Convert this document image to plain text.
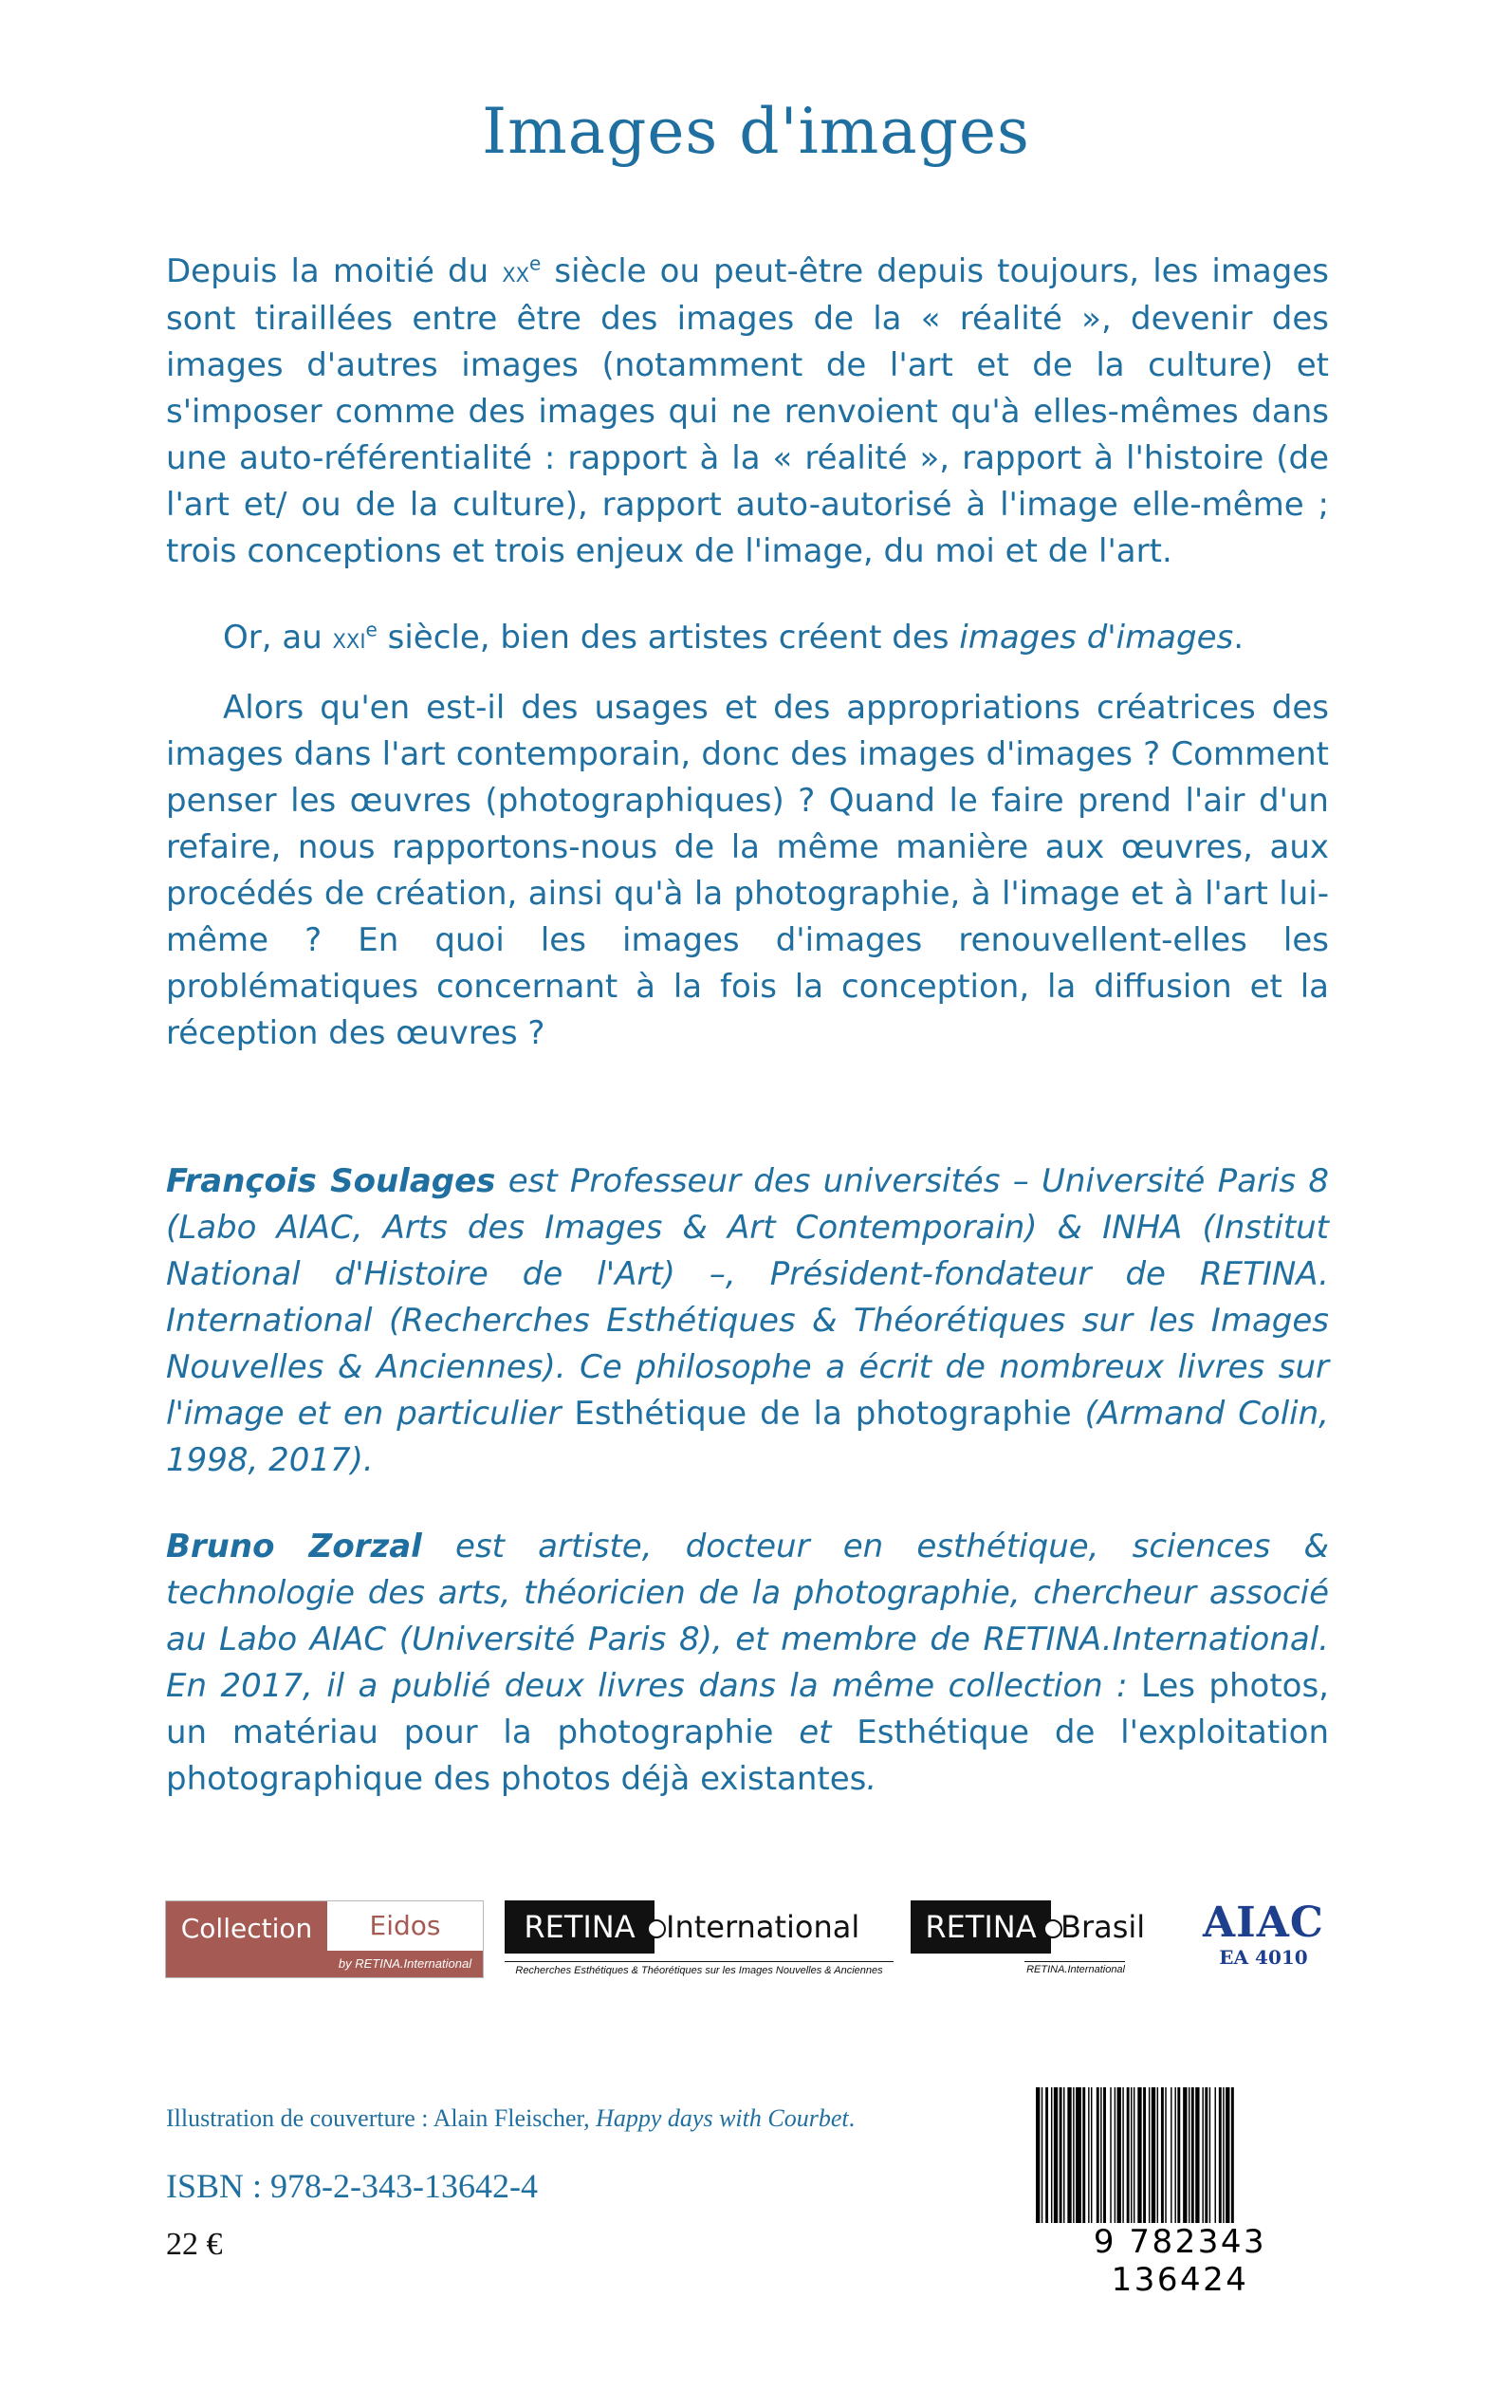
Images d'images

Depuis la moitié du $xx^e$ siècle ou peut-être depuis toujours, les images sont tiraillées entre être des images de la « réalité », devenir des images d'autres images (notamment de l'art et de la culture) et s'imposer comme des images qui ne renvoient qu'à elles-mêmes dans une auto-référentialité : rapport à la « réalité », rapport à l'histoire (de l'art et/ ou de la culture), rapport auto-autorisé à l'image elle-même ; trois conceptions et trois enjeux de l'image, du moi et de l'art.

Or, au xxi$^e$ siècle, bien des artistes créent des images d'images.

Alors qu'en est-il des usages et des appropriations créatrices des images dans l'art contemporain, donc des images d'images ? Comment penser les œuvres (photographiques) ? Quand le faire prend l'air d'un refaire, nous rapportons-nous de la même manière aux œuvres, aux procédés de création, ainsi qu'à la photographie, à l'image et à l'art lui-même ? En quoi les images d'images renouvellent-elles les problématiques concernant à la fois la conception, la diffusion et la réception des œuvres ?

François Soulages est Professeur des universités – Université Paris 8 (Labo AIAC, Arts des Images & Art Contemporain) & INHA (Institut National d'Histoire de l'Art) –, Président-fondateur de RETINA. International (Recherches Esthétiques & Théorétiques sur les Images Nouvelles & Anciennes). Ce philosophe a écrit de nombreux livres sur l'image et en particulier Esthétique de la photographie (Armand Colin, 1998, 2017).

Bruno Zorzal est artiste, docteur en esthétique, sciences & technologie des arts, théoricien de la photographie, chercheur associé au Labo AIAC (Université Paris 8), et membre de RETINA.International. En 2017, il a publié deux livres dans la même collection : Les photos, un matériau pour la photographie et Esthétique de l'exploitation photographique des photos déjà existantes.

Collection	Eidos
by RETINA.International
RETINA	International
Recherches Esthétiques & Théorétiques sur les Images Nouvelles & Anciennes
RETINA Brasil
RETINA.International
AIAC
EA 4010
Illustration de couverture : Alain Fleischer, Happy days with Courbet.
ISBN : 978-2-343-13642-4
22 €	9 782343 136424
